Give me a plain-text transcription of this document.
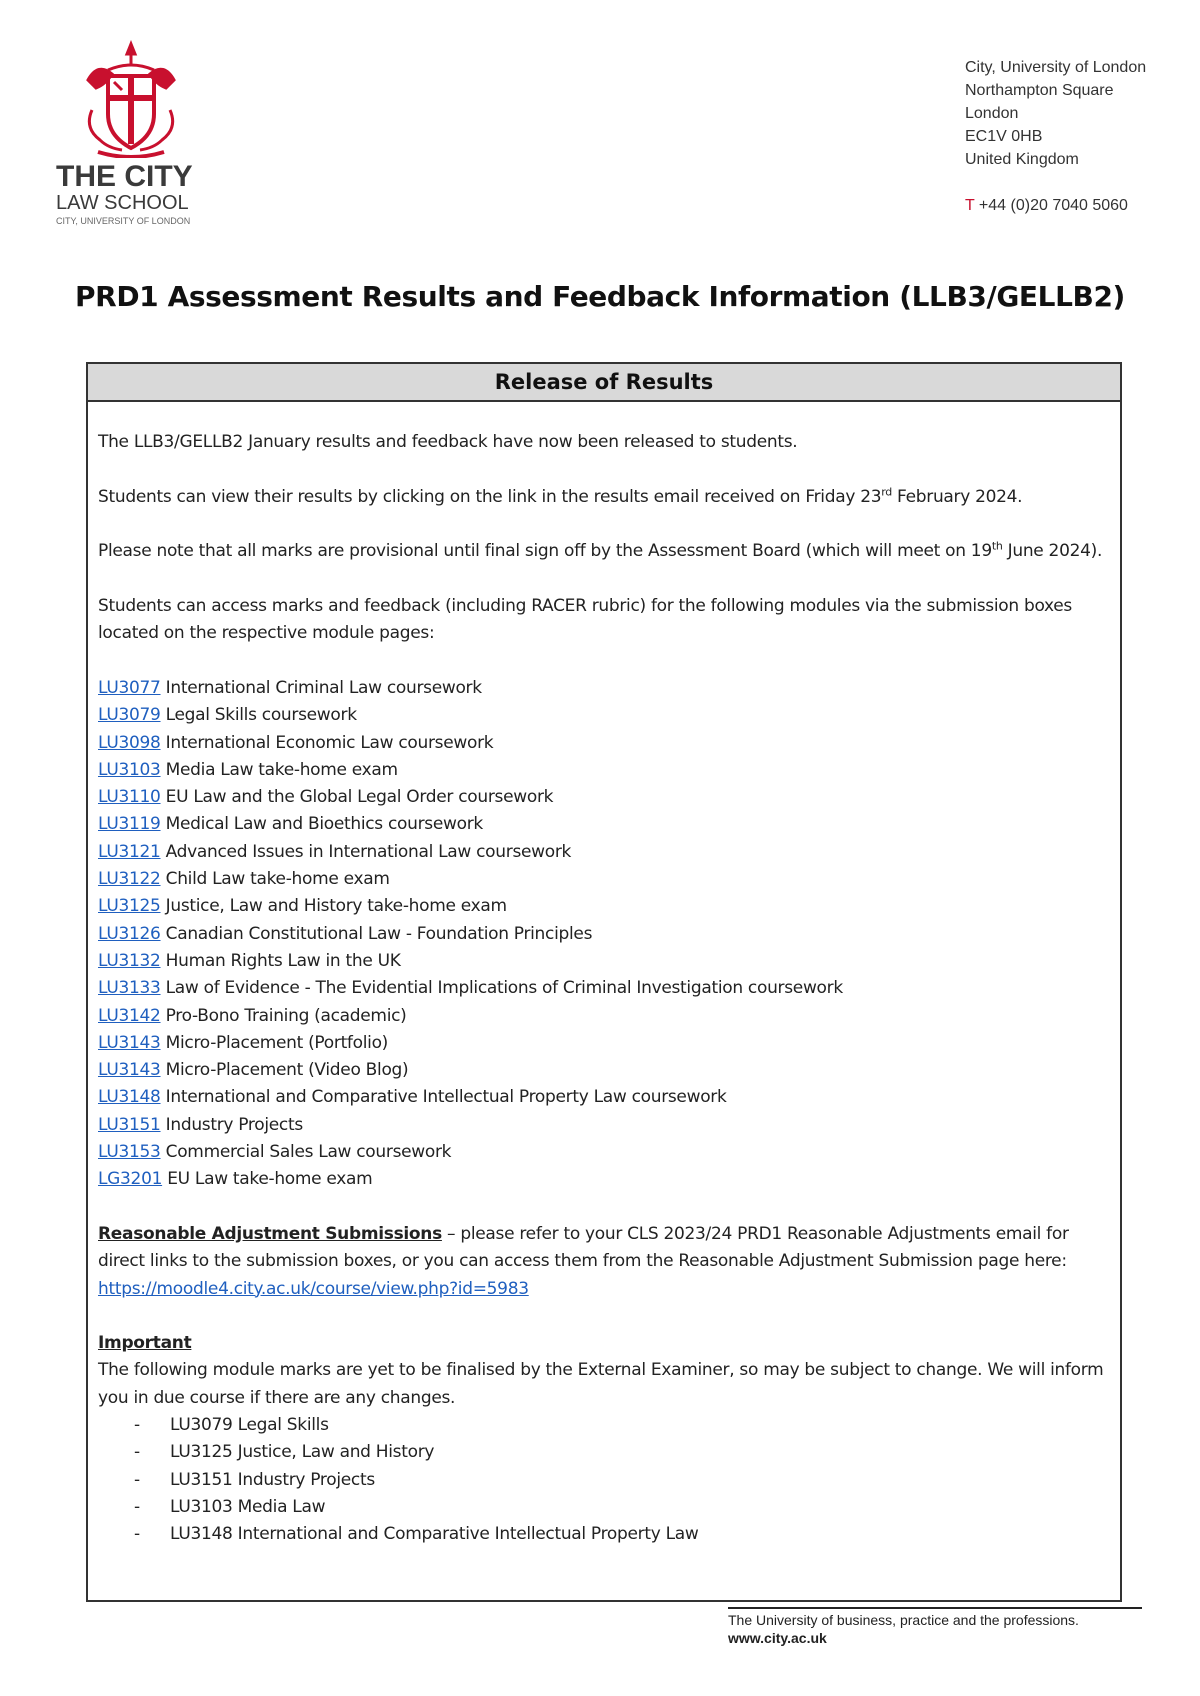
THE CITY
LAW SCHOOL
CITY, UNIVERSITY OF LONDON
City, University of London
Northampton Square
London
EC1V 0HB
United Kingdom
T +44 (0)20 7040 5060
PRD1 Assessment Results and Feedback Information (LLB3/GELLB2)
Release of Results

The LLB3/GELLB2 January results and feedback have now been released to students.

Students can view their results by clicking on the link in the results email received on Friday 23rd February 2024.

Please note that all marks are provisional until final sign off by the Assessment Board (which will meet on 19th June 2024).

Students can access marks and feedback (including RACER rubric) for the following modules via the submission boxes located on the respective module pages:

LU3077 International Criminal Law coursework
LU3079 Legal Skills coursework
LU3098 International Economic Law coursework
LU3103 Media Law take-home exam
LU3110 EU Law and the Global Legal Order coursework
LU3119 Medical Law and Bioethics coursework
LU3121 Advanced Issues in International Law coursework
LU3122 Child Law take-home exam
LU3125 Justice, Law and History take-home exam
LU3126 Canadian Constitutional Law - Foundation Principles
LU3132 Human Rights Law in the UK
LU3133 Law of Evidence - The Evidential Implications of Criminal Investigation coursework
LU3142 Pro-Bono Training (academic)
LU3143 Micro-Placement (Portfolio)
LU3143 Micro-Placement (Video Blog)
LU3148 International and Comparative Intellectual Property Law coursework
LU3151 Industry Projects
LU3153 Commercial Sales Law coursework
LG3201 EU Law take-home exam

Reasonable Adjustment Submissions – please refer to your CLS 2023/24 PRD1 Reasonable Adjustments email for direct links to the submission boxes, or you can access them from the Reasonable Adjustment Submission page here: https://moodle4.city.ac.uk/course/view.php?id=5983

Important

The following module marks are yet to be finalised by the External Examiner, so may be subject to change. We will inform you in due course if there are any changes.

- LU3079 Legal Skills
- LU3125 Justice, Law and History
- LU3151 Industry Projects
- LU3103 Media Law
- LU3148 International and Comparative Intellectual Property Law
The University of business, practice and the professions.
www.city.ac.uk
